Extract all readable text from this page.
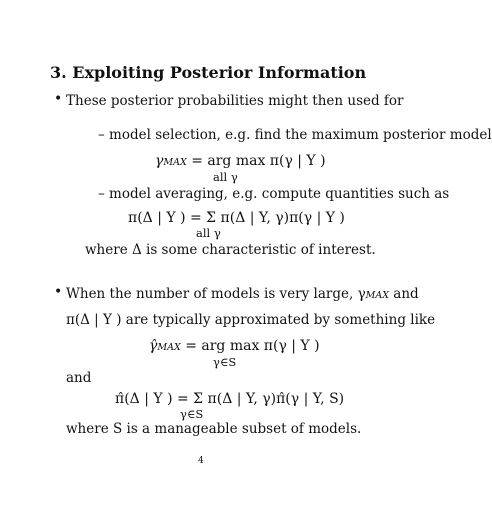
3. Exploiting Posterior Information
• These posterior probabilities might then used for
– model selection, e.g. find the maximum posterior model
γMAX = arg max π(γ | Y )
all γ
– model averaging, e.g. compute quantities such as
π(Δ | Y ) = Σ π(Δ | Y, γ)π(γ | Y )
all γ
where Δ is some characteristic of interest.
• When the number of models is very large, γMAX and
π(Δ | Y ) are typically approximated by something like
γ̂MAX = arg max π(γ | Y )
γ∈S
and
π̂(Δ | Y ) = Σ π(Δ | Y, γ)π̂(γ | Y, S)
γ∈S
where S is a manageable subset of models.
4
